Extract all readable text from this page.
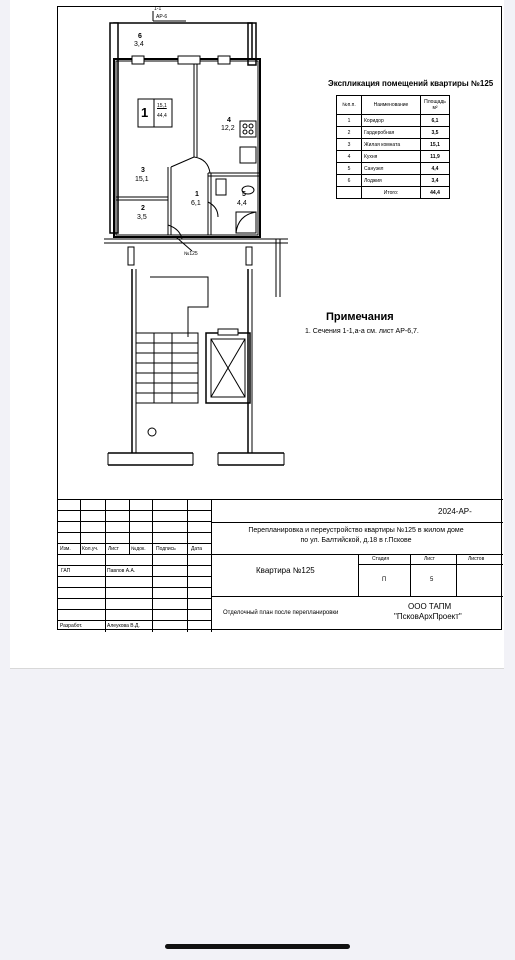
1-1
АР-6
1 15,1
44,4
6
3,4
4
12,2
3
15,1
2
3,5
1
6,1
5
4,4
№125
Экспликация помещений квартиры №125
№п.п.	Наименование	Площадь м²
1	Коридор	6,1
2	Гардеробная	3,5
3	Жилая комната	15,1
4	Кухня	11,9
5	Санузел	4,4
6	Лоджия	3,4
	Итого:	44,4
Примечания
1. Сечения 1-1,а-а см. лист АР-6,7.
Изм. Кол.уч. Лист №док. Подпись	Дата
ГАП	Павлов А.А.
Разработ.	Алеукова В.Д.
2024-АР-
Перепланировка и переустройство квартиры №125 в жилом доме по ул. Балтийской, д.18 в г.Пскове
Квартира №125
Стадия	Лист	Листов
П	5
Отделочный план после перепланировки
ООО ТАПМ
"ПсковАрхПроект"
